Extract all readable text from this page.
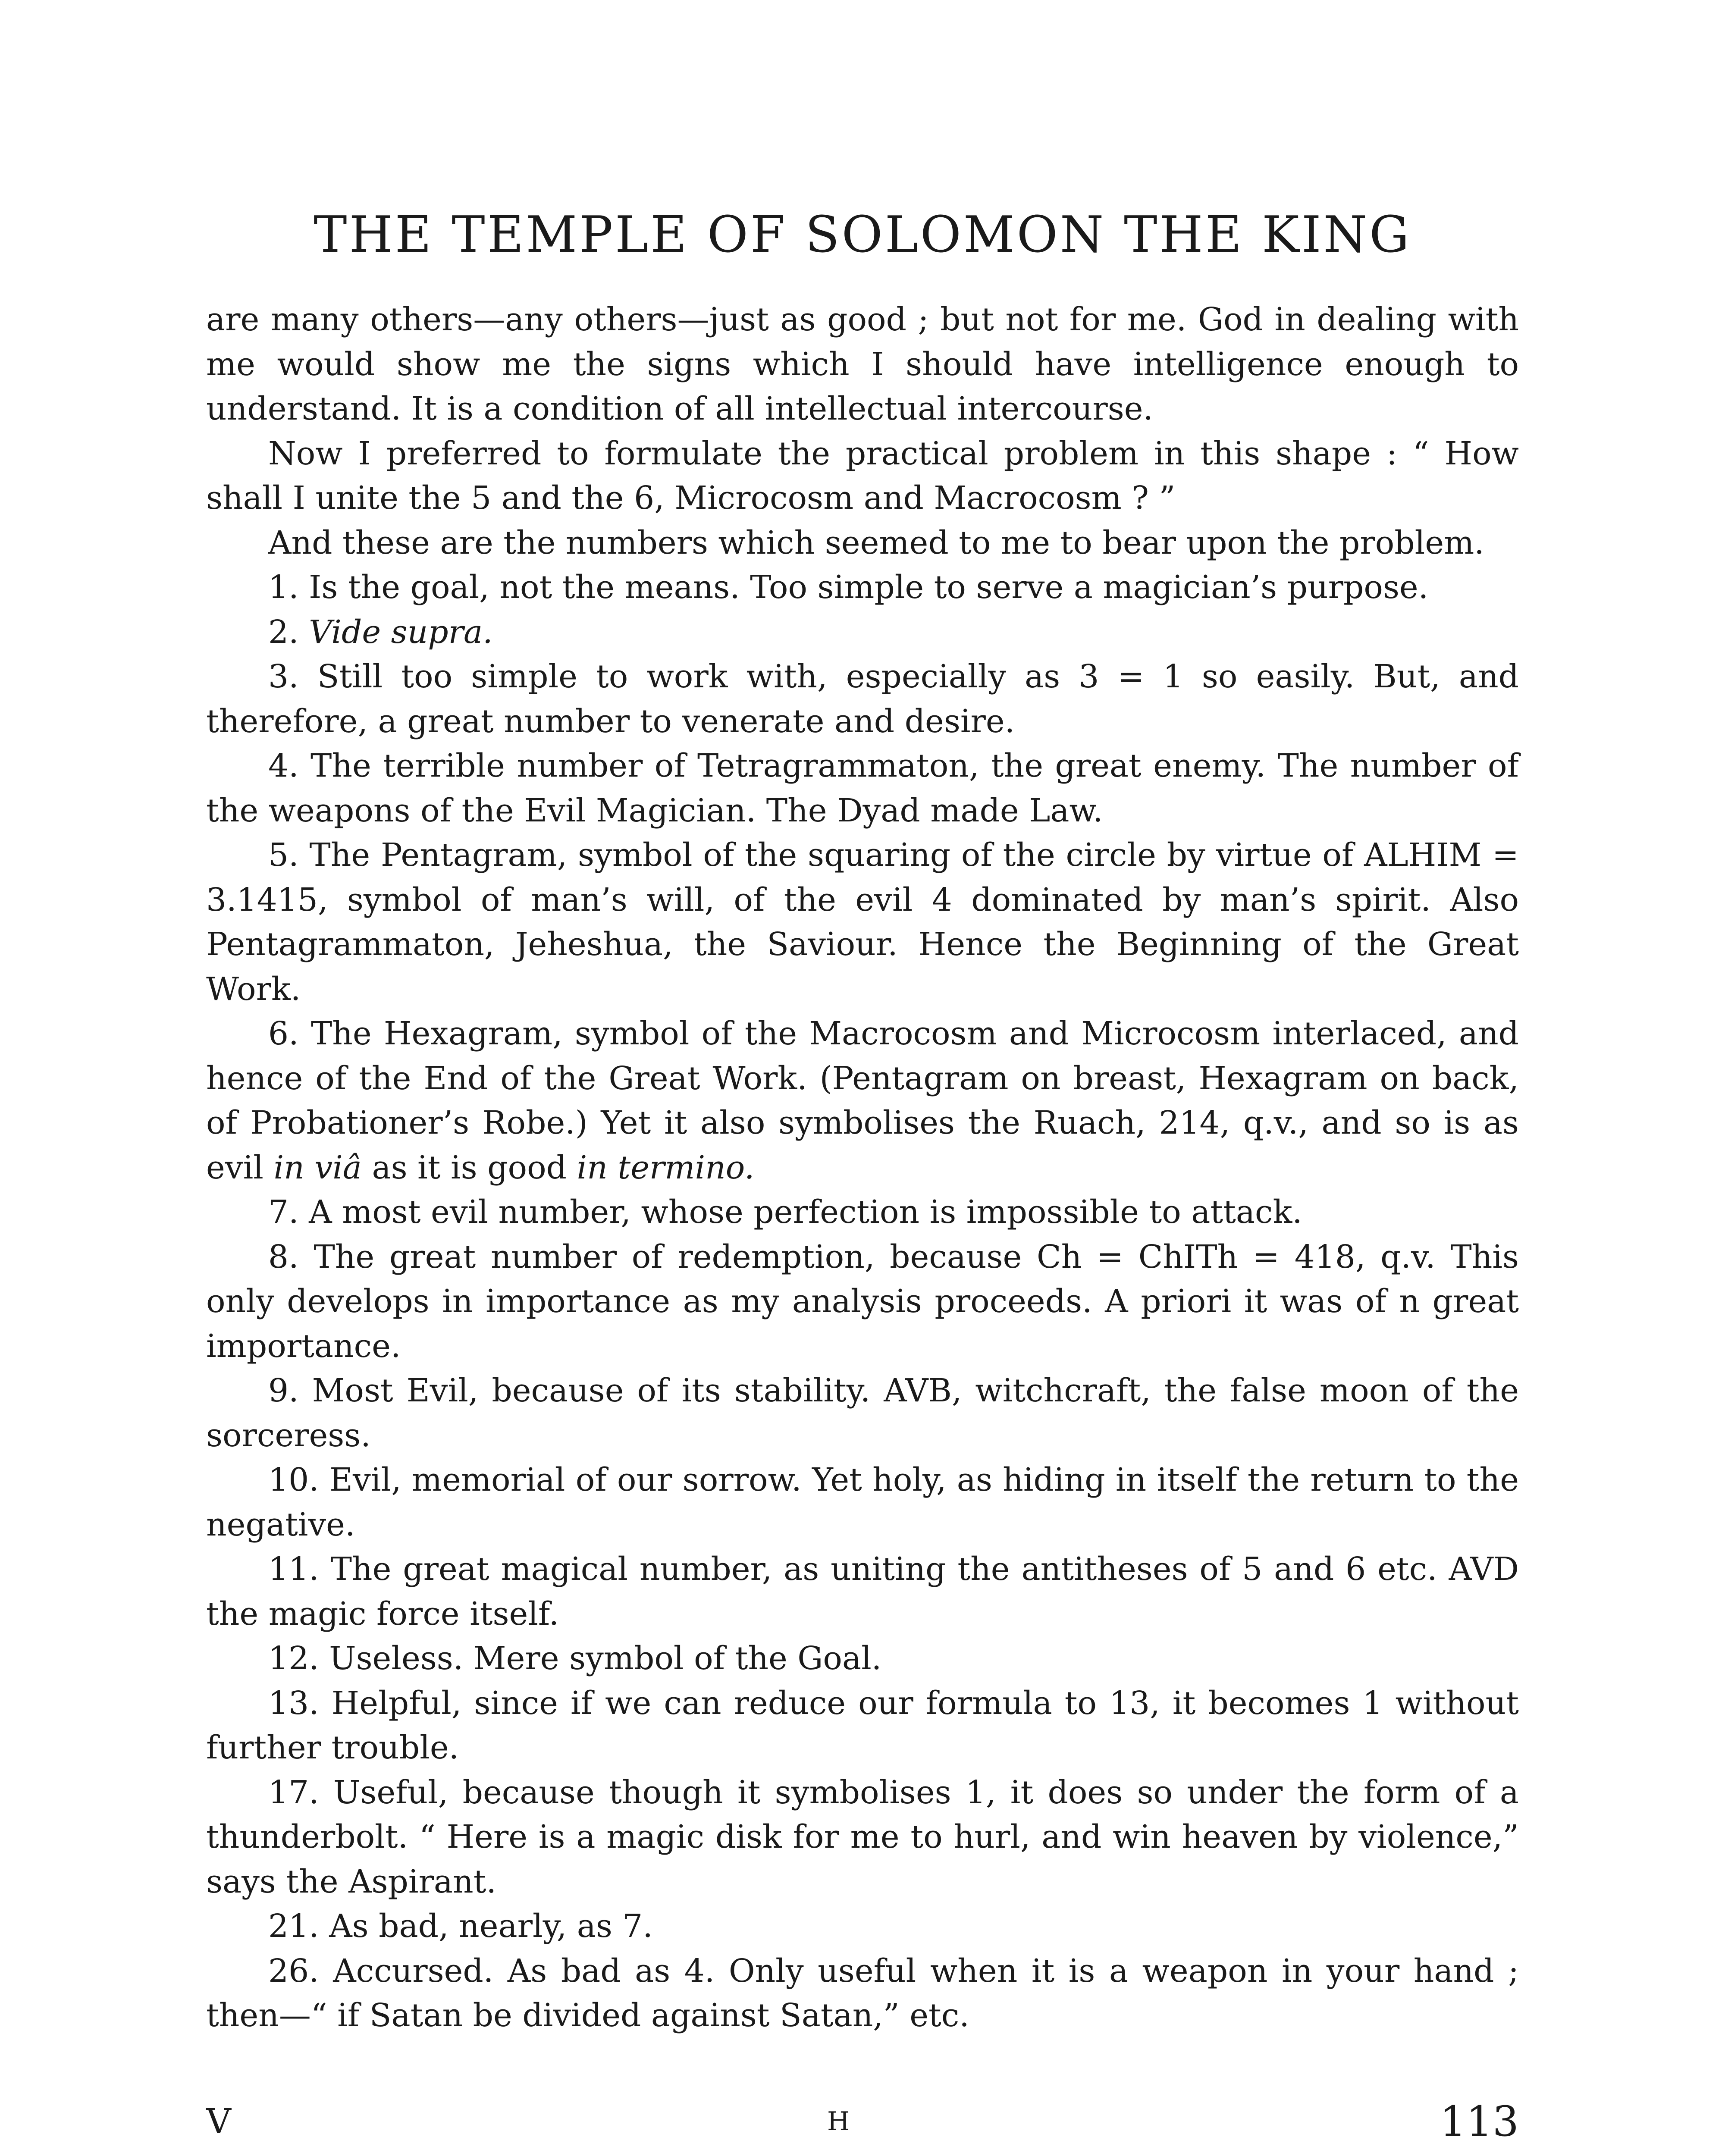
THE TEMPLE OF SOLOMON THE KING

are many others—any others—just as good ; but not for me. God in dealing with me would show me the signs which I should have intelligence enough to understand. It is a condition of all intellectual intercourse.

Now I preferred to formulate the practical problem in this shape : “ How shall I unite the 5 and the 6, Microcosm and Macrocosm ? ”

And these are the numbers which seemed to me to bear upon the problem.

1. Is the goal, not the means. Too simple to serve a magician’s purpose.

2. Vide supra.

3. Still too simple to work with, especially as 3 = 1 so easily. But, and therefore, a great number to venerate and desire.

4. The terrible number of Tetragrammaton, the great enemy. The number of the weapons of the Evil Magician. The Dyad made Law.

5. The Pentagram, symbol of the squaring of the circle by virtue of ALHIM = 3.1415, symbol of man’s will, of the evil 4 dominated by man’s spirit. Also Pentagrammaton, Jeheshua, the Saviour. Hence the Beginning of the Great Work.

6. The Hexagram, symbol of the Macrocosm and Microcosm interlaced, and hence of the End of the Great Work. (Pentagram on breast, Hexagram on back, of Probationer’s Robe.) Yet it also symbolises the Ruach, 214, q.v., and so is as evil in viâ as it is good in termino.

7. A most evil number, whose perfection is impossible to attack.

8. The great number of redemption, because Ch = ChITh = 418, q.v. This only develops in importance as my analysis proceeds. A priori it was of n great importance.

9. Most Evil, because of its stability. AVB, witchcraft, the false moon of the sorceress.

10. Evil, memorial of our sorrow. Yet holy, as hiding in itself the return to the negative.

11. The great magical number, as uniting the antitheses of 5 and 6 etc. AVD the magic force itself.

12. Useless. Mere symbol of the Goal.

13. Helpful, since if we can reduce our formula to 13, it becomes 1 without further trouble.

17. Useful, because though it symbolises 1, it does so under the form of a thunderbolt. “ Here is a magic disk for me to hurl, and win heaven by violence,” says the Aspirant.

21. As bad, nearly, as 7.

26. Accursed. As bad as 4. Only useful when it is a weapon in your hand ; then—“ if Satan be divided against Satan,” etc.

V	H	113
